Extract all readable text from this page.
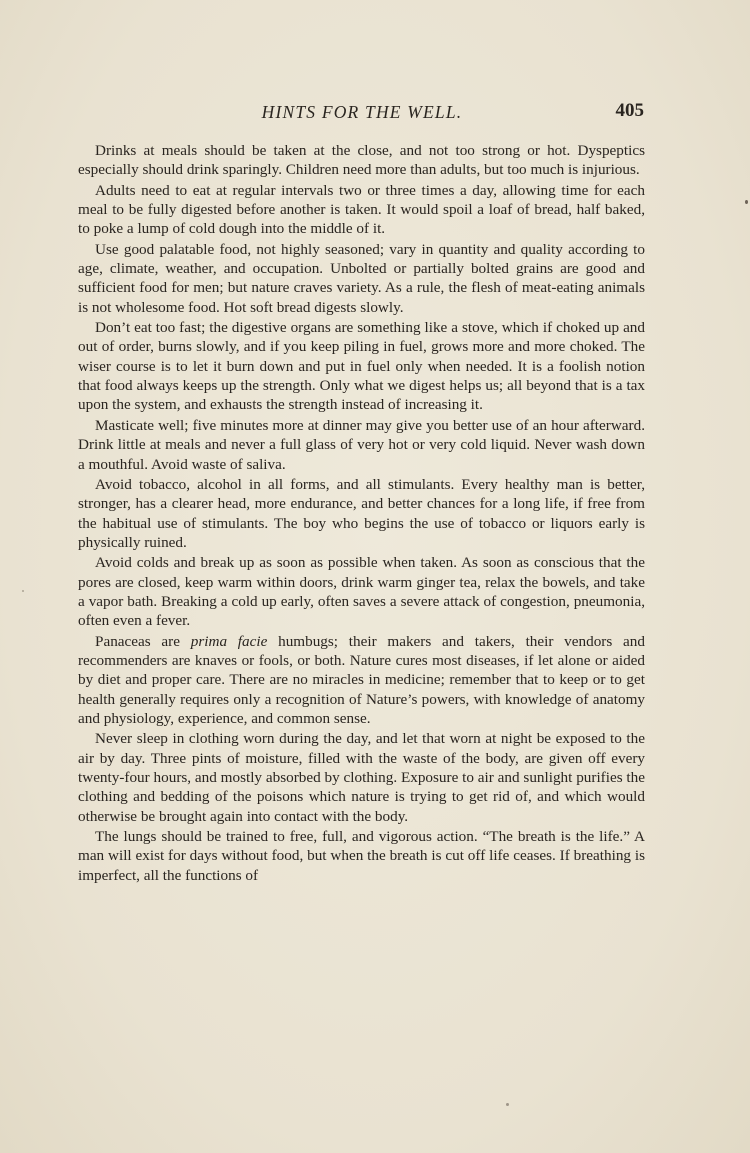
HINTS FOR THE WELL.	405

Drinks at meals should be taken at the close, and not too strong or hot. Dyspeptics especially should drink sparingly. Children need more than adults, but too much is injurious.

Adults need to eat at regular intervals two or three times a day, allowing time for each meal to be fully digested before another is taken. It would spoil a loaf of bread, half baked, to poke a lump of cold dough into the middle of it.

Use good palatable food, not highly seasoned; vary in quantity and quality according to age, climate, weather, and occupation. Unbolted or partially bolted grains are good and sufficient food for men; but nature craves variety. As a rule, the flesh of meat-eating animals is not wholesome food. Hot soft bread digests slowly.

Don’t eat too fast; the digestive organs are something like a stove, which if choked up and out of order, burns slowly, and if you keep piling in fuel, grows more and more choked. The wiser course is to let it burn down and put in fuel only when needed. It is a foolish notion that food always keeps up the strength. Only what we digest helps us; all beyond that is a tax upon the system, and exhausts the strength instead of increasing it.

Masticate well; five minutes more at dinner may give you better use of an hour afterward. Drink little at meals and never a full glass of very hot or very cold liquid. Never wash down a mouthful. Avoid waste of saliva.

Avoid tobacco, alcohol in all forms, and all stimulants. Every healthy man is better, stronger, has a clearer head, more endurance, and better chances for a long life, if free from the habitual use of stimulants. The boy who begins the use of tobacco or liquors early is physically ruined.

Avoid colds and break up as soon as possible when taken. As soon as conscious that the pores are closed, keep warm within doors, drink warm ginger tea, relax the bowels, and take a vapor bath. Breaking a cold up early, often saves a severe attack of congestion, pneumonia, often even a fever.

Panaceas are prima facie humbugs; their makers and takers, their vendors and recommenders are knaves or fools, or both. Nature cures most diseases, if let alone or aided by diet and proper care. There are no miracles in medicine; remember that to keep or to get health generally requires only a recognition of Nature’s powers, with knowledge of anatomy and physiology, experience, and common sense.

Never sleep in clothing worn during the day, and let that worn at night be exposed to the air by day. Three pints of moisture, filled with the waste of the body, are given off every twenty-four hours, and mostly absorbed by clothing. Exposure to air and sunlight purifies the clothing and bedding of the poisons which nature is trying to get rid of, and which would otherwise be brought again into contact with the body.

The lungs should be trained to free, full, and vigorous action. “The breath is the life.” A man will exist for days without food, but when the breath is cut off life ceases. If breathing is imperfect, all the functions of
